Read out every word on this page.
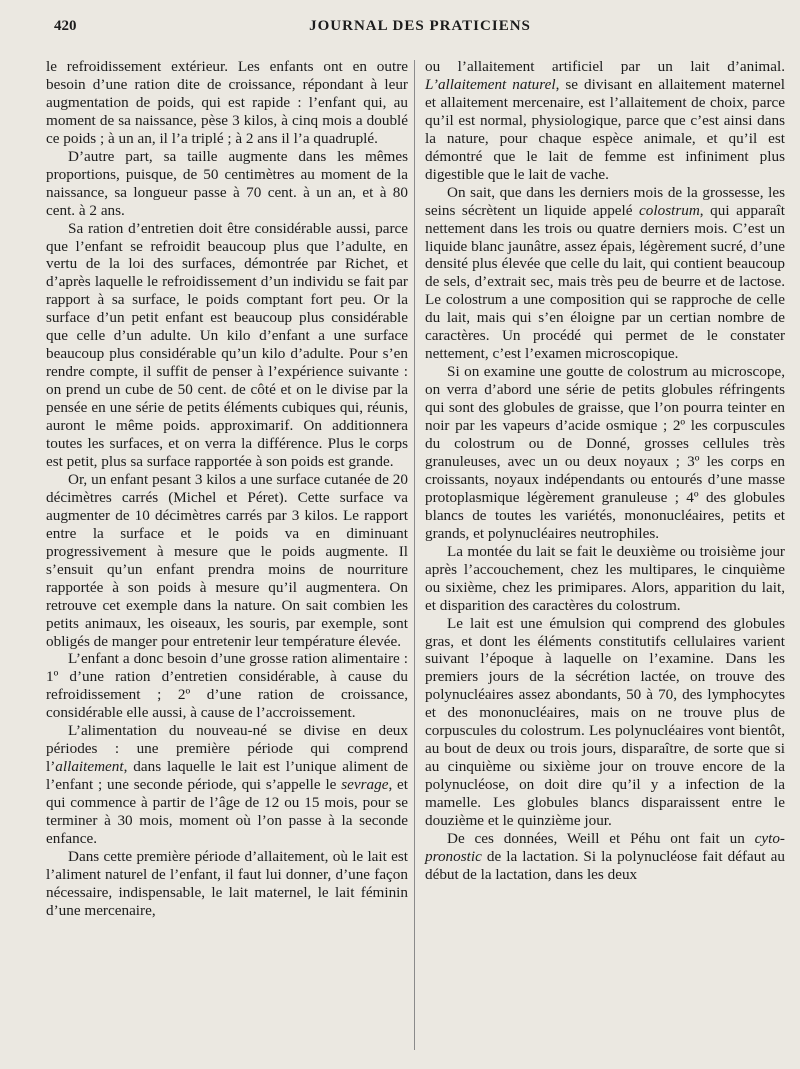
420	JOURNAL DES PRATICIENS

le refroidissement extérieur. Les enfants ont en outre besoin d’une ration dite de croissance, répondant à leur augmentation de poids, qui est rapide : l’enfant qui, au moment de sa naissance, pèse 3 kilos, à cinq mois a doublé ce poids ; à un an, il l’a triplé ; à 2 ans il l’a quadruplé.

D’autre part, sa taille augmente dans les mêmes proportions, puisque, de 50 centimètres au moment de la naissance, sa longueur passe à 70 cent. à un an, et à 80 cent. à 2 ans.

Sa ration d’entretien doit être considérable aussi, parce que l’enfant se refroidit beaucoup plus que l’adulte, en vertu de la loi des surfaces, démontrée par Richet, et d’après laquelle le refroidissement d’un individu se fait par rapport à sa surface, le poids comptant fort peu. Or la surface d’un petit enfant est beaucoup plus considérable que celle d’un adulte. Un kilo d’enfant a une surface beaucoup plus considérable qu’un kilo d’adulte. Pour s’en rendre compte, il suffit de penser à l’expérience suivante : on prend un cube de 50 cent. de côté et on le divise par la pensée en une série de petits éléments cubiques qui, réunis, auront le même poids. approximarif. On additionnera toutes les surfaces, et on verra la différence. Plus le corps est petit, plus sa surface rapportée à son poids est grande.

Or, un enfant pesant 3 kilos a une surface cutanée de 20 décimètres carrés (Michel et Péret). Cette surface va augmenter de 10 décimètres carrés par 3 kilos. Le rapport entre la surface et le poids va en diminuant progressivement à mesure que le poids augmente. Il s’ensuit qu’un enfant prendra moins de nourriture rapportée à son poids à mesure qu’il augmentera. On retrouve cet exemple dans la nature. On sait combien les petits animaux, les oiseaux, les souris, par exemple, sont obligés de manger pour entretenir leur température élevée.

L’enfant a donc besoin d’une grosse ration alimentaire : 1º d’une ration d’entretien considérable, à cause du refroidissement ; 2º d’une ration de croissance, considérable elle aussi, à cause de l’accroissement.

L’alimentation du nouveau-né se divise en deux périodes : une première période qui comprend l’allaitement, dans laquelle le lait est l’unique aliment de l’enfant ; une seconde période, qui s’appelle le sevrage, et qui commence à partir de l’âge de 12 ou 15 mois, pour se terminer à 30 mois, moment où l’on passe à la seconde enfance.

Dans cette première période d’allaitement, où le lait est l’aliment naturel de l’enfant, il faut lui donner, d’une façon nécessaire, indispensable, le lait maternel, le lait féminin d’une mercenaire,

ou l’allaitement artificiel par un lait d’animal. L’allaitement naturel, se divisant en allaitement maternel et allaitement mercenaire, est l’allaitement de choix, parce qu’il est normal, physiologique, parce que c’est ainsi dans la nature, pour chaque espèce animale, et qu’il est démontré que le lait de femme est infiniment plus digestible que le lait de vache.

On sait, que dans les derniers mois de la grossesse, les seins sécrètent un liquide appelé colostrum, qui apparaît nettement dans les trois ou quatre derniers mois. C’est un liquide blanc jaunâtre, assez épais, légèrement sucré, d’une densité plus élevée que celle du lait, qui contient beaucoup de sels, d’extrait sec, mais très peu de beurre et de lactose. Le colostrum a une composition qui se rapproche de celle du lait, mais qui s’en éloigne par un certian nombre de caractères. Un procédé qui permet de le constater nettement, c’est l’examen microscopique.

Si on examine une goutte de colostrum au microscope, on verra d’abord une série de petits globules réfringents qui sont des globules de graisse, que l’on pourra teinter en noir par les vapeurs d’acide osmique ; 2º les corpuscules du colostrum ou de Donné, grosses cellules très granuleuses, avec un ou deux noyaux ; 3º les corps en croissants, noyaux indépendants ou entourés d’une masse protoplasmique légèrement granuleuse ; 4º des globules blancs de toutes les variétés, mononucléaires, petits et grands, et polynucléaires neutrophiles.

La montée du lait se fait le deuxième ou troisième jour après l’accouchement, chez les multipares, le cinquième ou sixième, chez les primipares. Alors, apparition du lait, et disparition des caractères du colostrum.

Le lait est une émulsion qui comprend des globules gras, et dont les éléments constitutifs cellulaires varient suivant l’époque à laquelle on l’examine. Dans les premiers jours de la sécrétion lactée, on trouve des polynucléaires assez abondants, 50 à 70, des lymphocytes et des mononucléaires, mais on ne trouve plus de corpuscules du colostrum. Les polynucléaires vont bientôt, au bout de deux ou trois jours, disparaître, de sorte que si au cinquième ou sixième jour on trouve encore de la polynucléose, on doit dire qu’il y a infection de la mamelle. Les globules blancs disparaissent entre le douzième et le quinzième jour.

De ces données, Weill et Péhu ont fait un cyto-pronostic de la lactation. Si la polynucléose fait défaut au début de la lactation, dans les deux
